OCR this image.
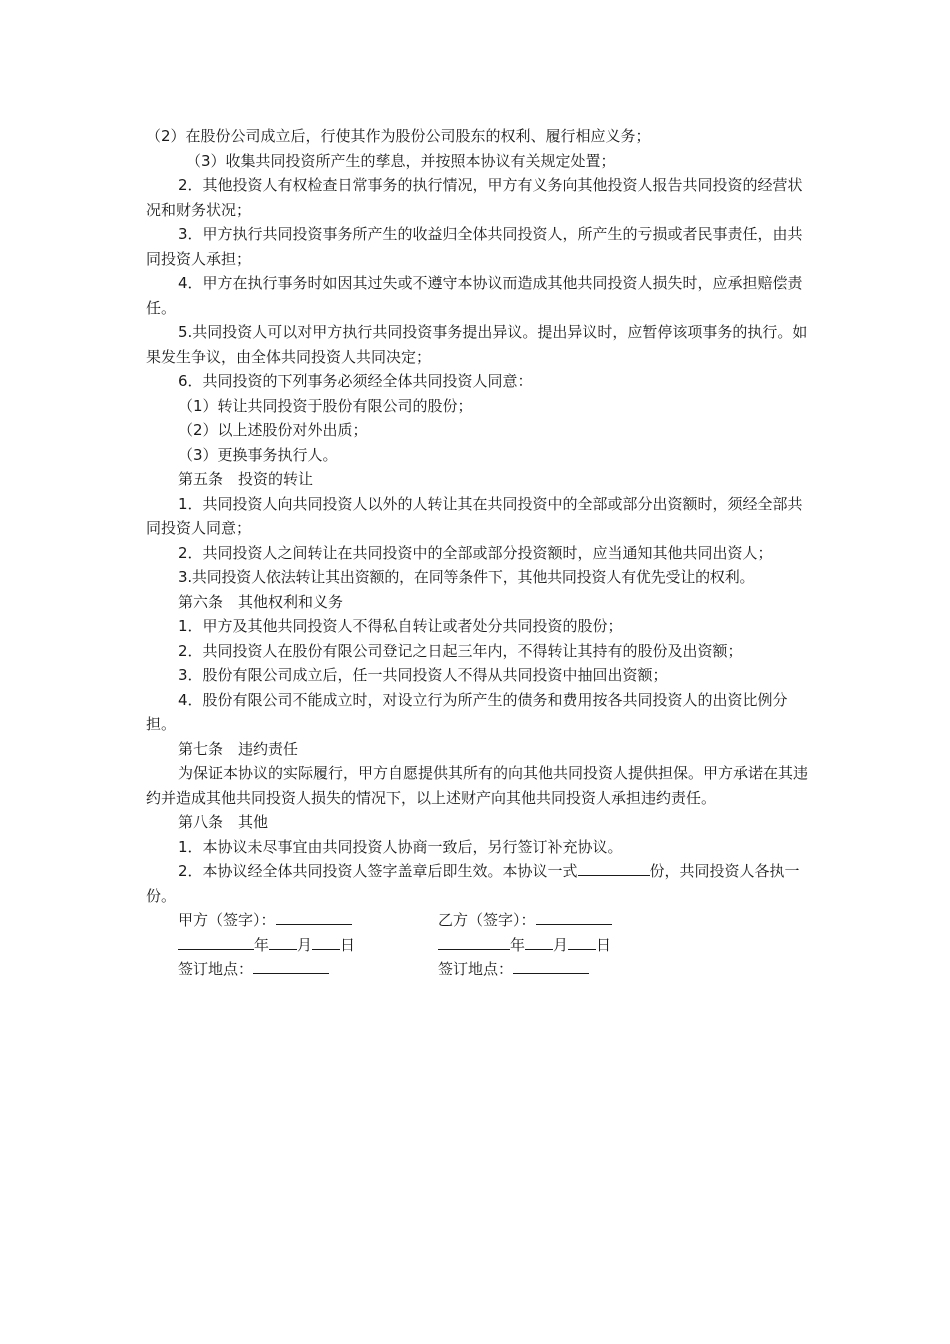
（2）在股份公司成立后，行使其作为股份公司股东的权利、履行相应义务；

（3）收集共同投资所产生的孳息，并按照本协议有关规定处置；

2．其他投资人有权检查日常事务的执行情况，甲方有义务向其他投资人报告共同投资的经营状况和财务状况；

3．甲方执行共同投资事务所产生的收益归全体共同投资人，所产生的亏损或者民事责任，由共同投资人承担；

4．甲方在执行事务时如因其过失或不遵守本协议而造成其他共同投资人损失时，应承担赔偿责任。

5.共同投资人可以对甲方执行共同投资事务提出异议。提出异议时，应暂停该项事务的执行。如果发生争议，由全体共同投资人共同决定；

6．共同投资的下列事务必须经全体共同投资人同意：

（1）转让共同投资于股份有限公司的股份；

（2）以上述股份对外出质；

（3）更换事务执行人。

第五条　投资的转让

1．共同投资人向共同投资人以外的人转让其在共同投资中的全部或部分出资额时，须经全部共同投资人同意；

2．共同投资人之间转让在共同投资中的全部或部分投资额时，应当通知其他共同出资人；

3.共同投资人依法转让其出资额的，在同等条件下，其他共同投资人有优先受让的权利。

第六条　其他权利和义务

1．甲方及其他共同投资人不得私自转让或者处分共同投资的股份；

2．共同投资人在股份有限公司登记之日起三年内，不得转让其持有的股份及出资额；

3．股份有限公司成立后，任一共同投资人不得从共同投资中抽回出资额；

4．股份有限公司不能成立时，对设立行为所产生的债务和费用按各共同投资人的出资比例分担。

第七条　违约责任

为保证本协议的实际履行，甲方自愿提供其所有的向其他共同投资人提供担保。甲方承诺在其违约并造成其他共同投资人损失的情况下，以上述财产向其他共同投资人承担违约责任。

第八条　其他

1．本协议未尽事宜由共同投资人协商一致后，另行签订补充协议。

2．本协议经全体共同投资人签字盖章后即生效。本协议一式	份，共同投资人各执一份。

甲方（签字）：	乙方（签字）：
年 月 日	年 月 日
签订地点：	签订地点：
